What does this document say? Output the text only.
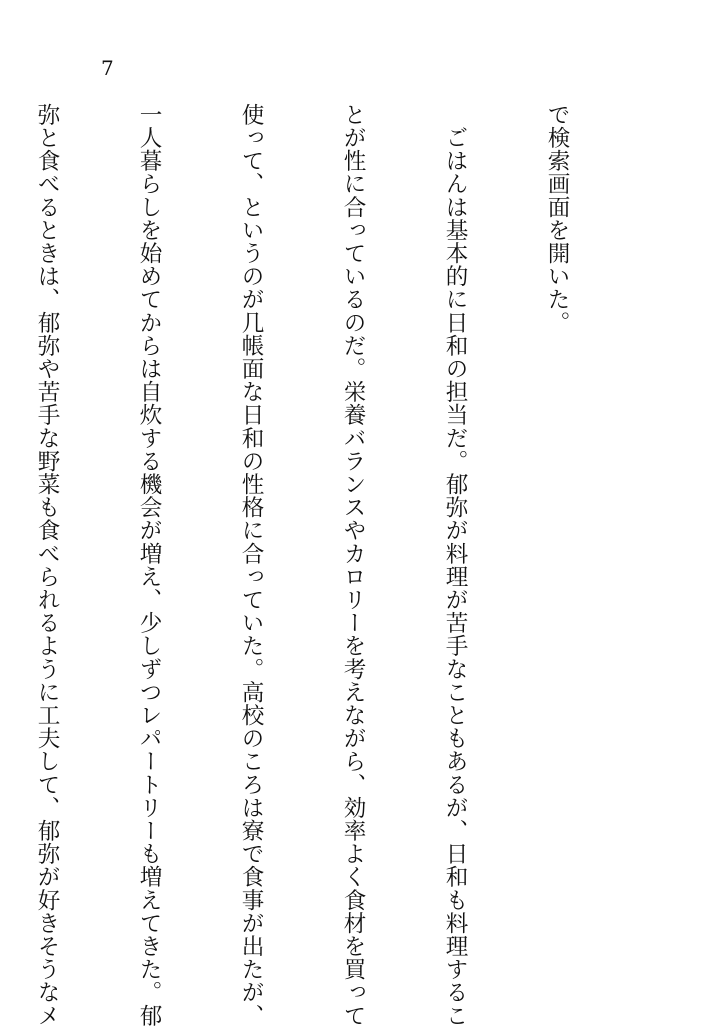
7

で検索画面を開いた。

　ごはんは基本的に日和の担当だ。郁弥が料理が苦手なこともあるが、日和も料理するこ

とが性に合っているのだ。栄養バランスやカロリーを考えながら、効率よく食材を買って

使って、というのが几帳面な日和の性格に合っていた。高校のころは寮で食事が出たが、

一人暮らしを始めてからは自炊する機会が増え、少しずつレパートリーも増えてきた。郁

弥と食べるときは、郁弥や苦手な野菜も食べられるように工夫して、郁弥が好きそうなメ
